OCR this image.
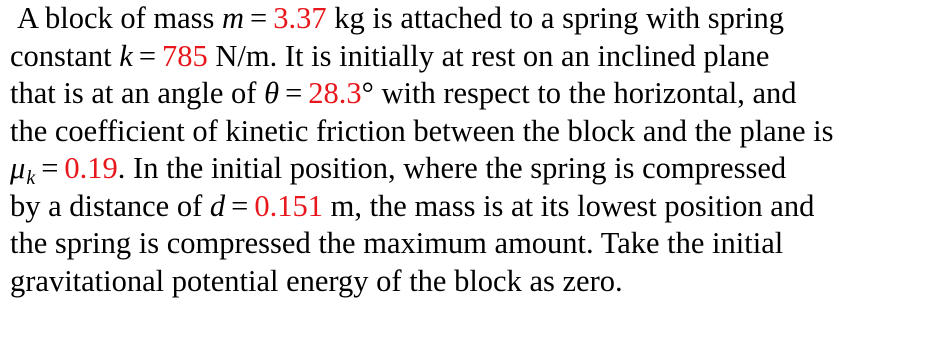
A block of mass m = 3.37 kg is attached to a spring with spring
constant k = 785 N/m. It is initially at rest on an inclined plane
that is at an angle of θ = 28.3° with respect to the horizontal, and
the coefficient of kinetic friction between the block and the plane is
$\mu_k = 0.19$. In the initial position, where the spring is compressed
by a distance of d = 0.151 m, the mass is at its lowest position and
the spring is compressed the maximum amount. Take the initial
gravitational potential energy of the block as zero.
